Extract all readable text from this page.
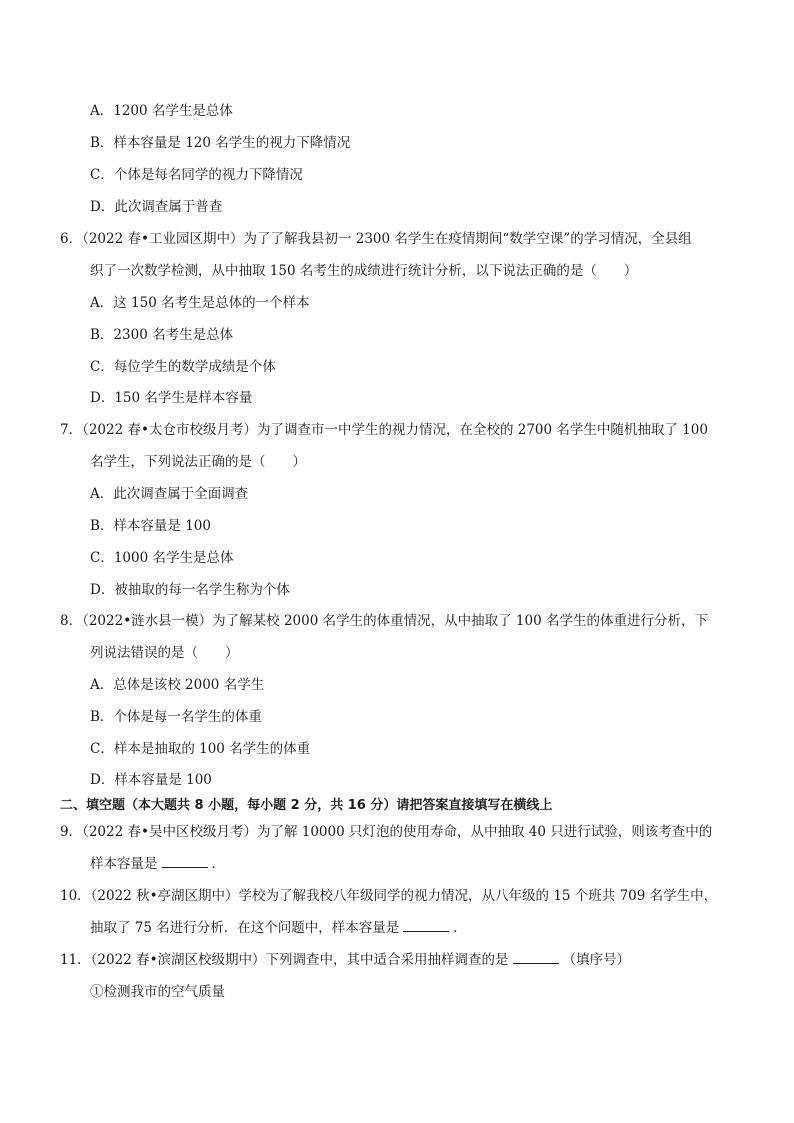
A．1200 名学生是总体
B．样本容量是 120 名学生的视力下降情况
C．个体是每名同学的视力下降情况
D．此次调查属于普查
6．（2022 春•工业园区期中）为了了解我县初一 2300 名学生在疫情期间“数学空课”的学习情况，全县组
织了一次数学检测，从中抽取 150 名考生的成绩进行统计分析，以下说法正确的是（　　）
A．这 150 名考生是总体的一个样本
B．2300 名考生是总体
C．每位学生的数学成绩是个体
D．150 名学生是样本容量
7．（2022 春•太仓市校级月考）为了调查市一中学生的视力情况，在全校的 2700 名学生中随机抽取了 100
名学生，下列说法正确的是（　　）
A．此次调查属于全面调查
B．样本容量是 100
C．1000 名学生是总体
D．被抽取的每一名学生称为个体
8．（2022•涟水县一模）为了解某校 2000 名学生的体重情况，从中抽取了 100 名学生的体重进行分析，下
列说法错误的是（　　）
A．总体是该校 2000 名学生
B．个体是每一名学生的体重
C．样本是抽取的 100 名学生的体重
D．样本容量是 100
二、填空题（本大题共 8 小题，每小题 2 分，共 16 分）请把答案直接填写在横线上
9．（2022 春•吴中区校级月考）为了解 10000 只灯泡的使用寿命，从中抽取 40 只进行试验，则该考查中的
样本容量是	．
10．（2022 秋•亭湖区期中）学校为了解我校八年级同学的视力情况，从八年级的 15 个班共 709 名学生中，
抽取了 75 名进行分析．在这个问题中，样本容量是	．
11．（2022 春•滨湖区校级期中）下列调查中，其中适合采用抽样调查的是	（填序号）
①检测我市的空气质量
